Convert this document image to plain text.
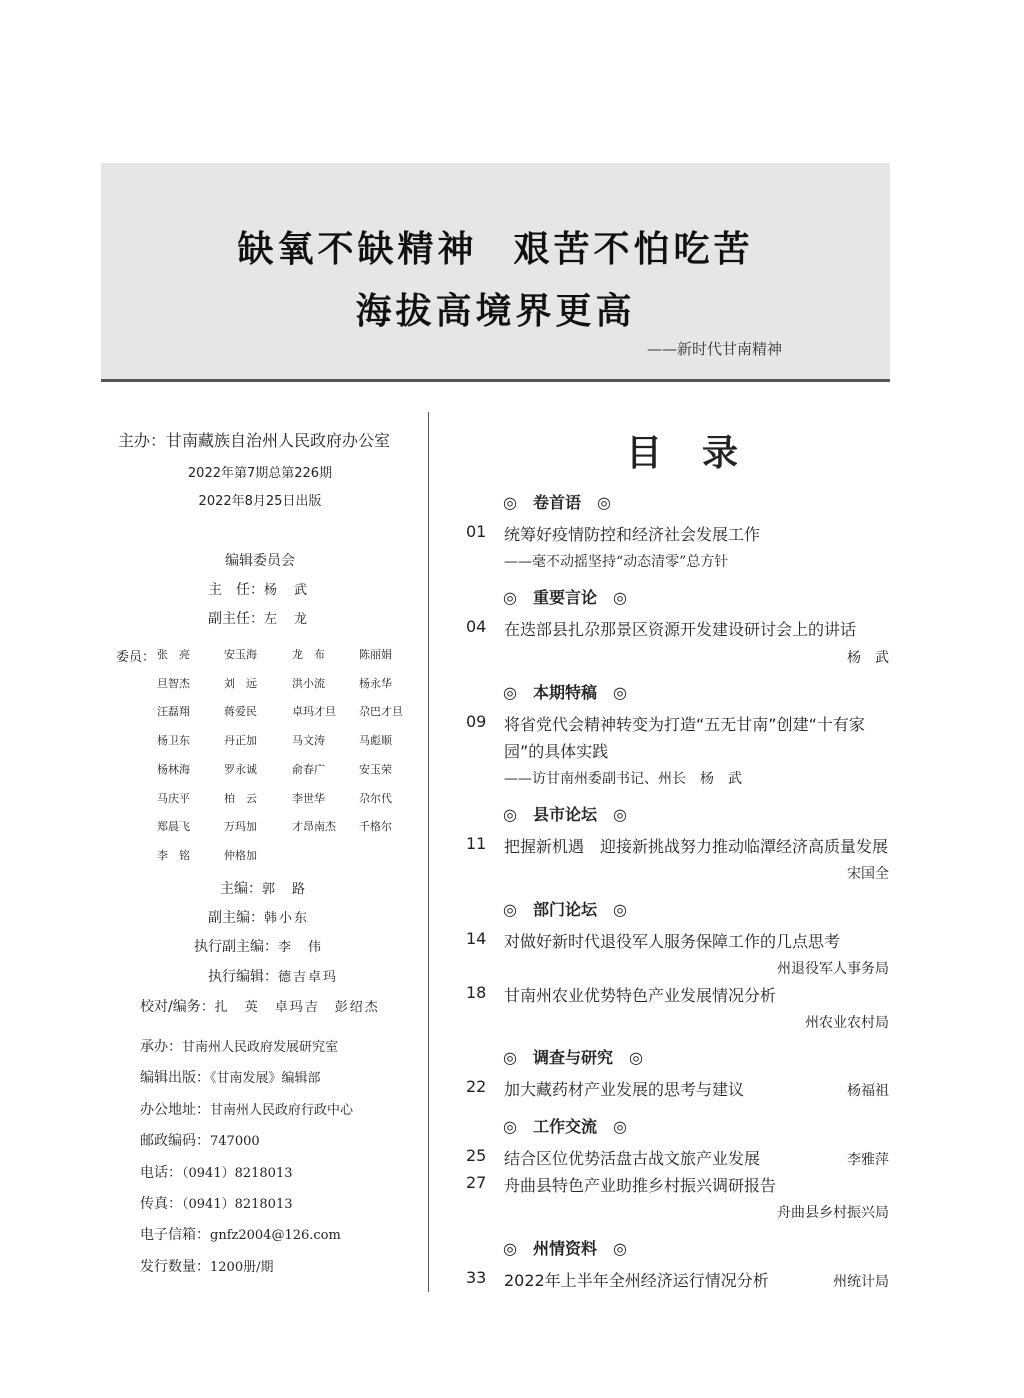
缺氧不缺精神 艰苦不怕吃苦
海拔高境界更高
——新时代甘南精神
主办：甘南藏族自治州人民政府办公室
2022年第7期总第226期
2022年8月25日出版
编辑委员会
主　任：杨　武
副主任：左　龙
委员： 张　亮	安玉海	龙　布	陈丽娟
旦智杰	刘　远	洪小流	杨永华
汪磊翔	蒋爱民	卓玛才旦 尕巴才旦
杨卫东	丹正加	马文涛	马彪顺
杨林海	罗永诚	俞春广	安玉荣
马庆平	柏　云	李世华	尕尔代
郑晨飞	万玛加	才昂南杰 千格尔
李　铭	仲格加
主编：郭　路
副主编：韩小东
执行副主编：李　伟
执行编辑：德吉卓玛
校对/编务：扎　英　卓玛吉　彭绍杰
承办：甘南州人民政府发展研究室
编辑出版：《甘南发展》编辑部
办公地址：甘南州人民政府行政中心
邮政编码：747000
电话：（0941）8218013
传真：（0941）8218013
电子信箱：gnfz2004@126.com
发行数量：1200册/期
目录
◎　 卷首语　 ◎
◎　 重要言论　 ◎
◎　 本期特稿　 ◎
◎　 县市论坛　 ◎
◎　 部门论坛　 ◎
◎　 调查与研究　 ◎
◎　 工作交流　 ◎
◎　 州情资料　 ◎
01 统筹好疫情防控和经济社会发展工作
——毫不动摇坚持“动态清零”总方针
04 在迭部县扎尕那景区资源开发建设研讨会上的讲话
杨　武
09 将省党代会精神转变为打造“五无甘南”创建“十有家园”的具体实践
——访甘南州委副书记、州长　杨　武
11 把握新机遇　迎接新挑战努力推动临潭经济高质量发展
宋国全
14 对做好新时代退役军人服务保障工作的几点思考
州退役军人事务局
18 甘南州农业优势特色产业发展情况分析
州农业农村局
22 加大藏药材产业发展的思考与建议	杨福祖
25 结合区位优势活盘古战文旅产业发展	李雅萍
27 舟曲县特色产业助推乡村振兴调研报告
舟曲县乡村振兴局
33 2022年上半年全州经济运行情况分析	州统计局
